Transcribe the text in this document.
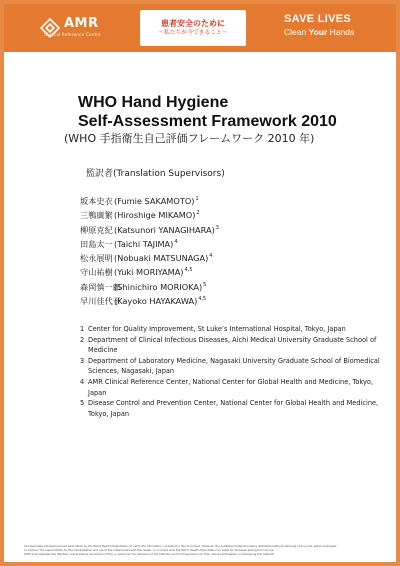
AMR
Clinical Reference Centre
患者安全のために
〜私たちが今できること〜
SAVE LIVES
Clean Your Hands
WHO Hand Hygiene
Self-Assessment Framework 2010
(WHO 手指衛生自己評価フレームワーク 2010 年)
監訳者(Translation Supervisors)
坂本史衣(Fumie SAKAMOTO)$^1$
三鴨廣繁(Hiroshige MIKAMO)$^2$
柳原克紀(Katsunori YANAGIHARA)$^3$
田島太一(Taichi TAJIMA)$^4$
松永展明(Nobuaki MATSUNAGA)$^4$
守山祐樹(Yuki MORIYAMA)$^{4,5}$
森岡慎一郎(Shinichiro MORIOKA)$^5$
早川佳代子(Kayoko HAYAKAWA)$^{4,5}$
1 Center for Quality Improvement, St Luke’s International Hospital, Tokyo, Japan
2 Department of Clinical Infectious Diseases, Aichi Medical University Graduate School of Medicine
3 Department of Laboratory Medicine, Nagasaki University Graduate School of Biomedical Sciences, Nagasaki, Japan
4 AMR Clinical Reference Center, National Center for Global Health and Medicine, Tokyo, Japan
5 Disease Control and Prevention Center, National Center for Global Health and Medicine, Tokyo, Japan

All reasonable precautions have been taken by the World Health Organization to verify the information contained in this document. However, the published material is being distributed without warranty of any kind, either expressed

or implied. The responsibility for the interpretation and use of the material lies with the reader. In no event shall the World Health Organization be liable for damages arising from its use.

WHO acknowledges the Hôpitaux Universitaires de Genève (HUG), in particular the members of the Infection Control Programme, for their active participation in developing this material.
